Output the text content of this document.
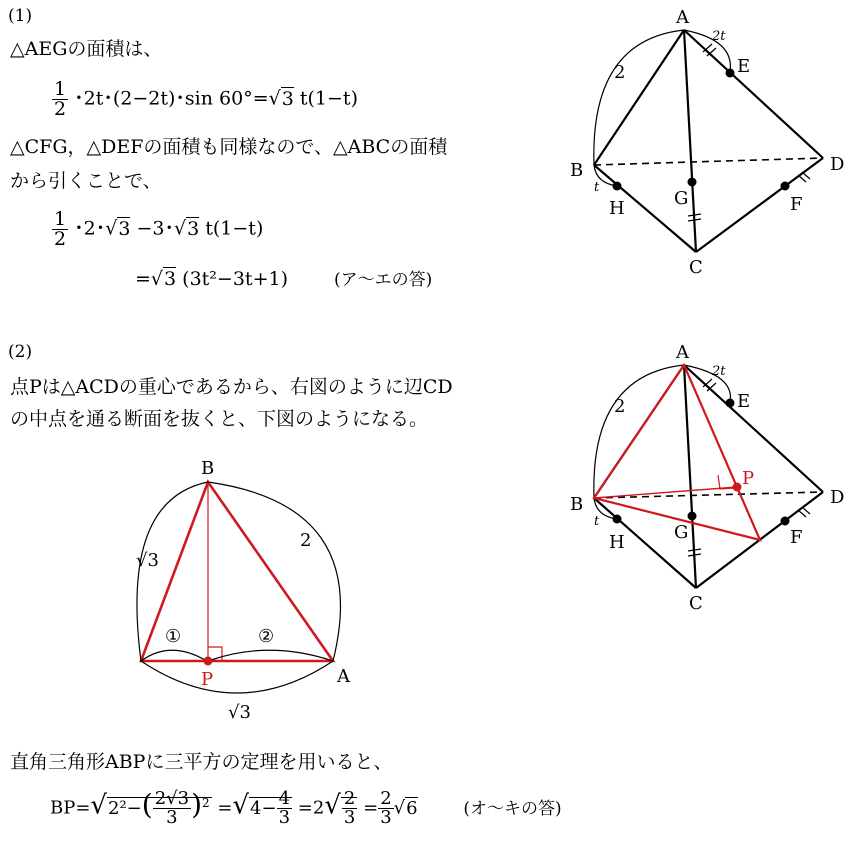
(1)
△AEGの面積は、
$\frac{1}{2}$ ･2t･(2−2t)･sin 60°=√3 t(1−t)
△CFG，△DEFの面積も同様なので、△ABCの面積
から引くことで、
$\frac{1}{2}$ ･2･√3 −3･√3 t(1−t)
=√3 (3t²−3t+1)	(ア～エの答)
(2)
点Pは△ACDの重心であるから、右図のように辺CD
の中点を通る断面を抜くと、下図のようになる。
直角三角形ABPに三平方の定理を用いると、
$BP=√2^2-( \frac{2√3}{3} )^2 =√4- \frac{4}{3} =2√ \frac{2}{3} = \frac{2}{3} √6$	(オ～キの答)
A
B
C
D
E
F
G
H
2
2t
t
A
B
C
D
E
F
G
H
2
2t
t
P
B
A
P
√3
2
√3
①	②
